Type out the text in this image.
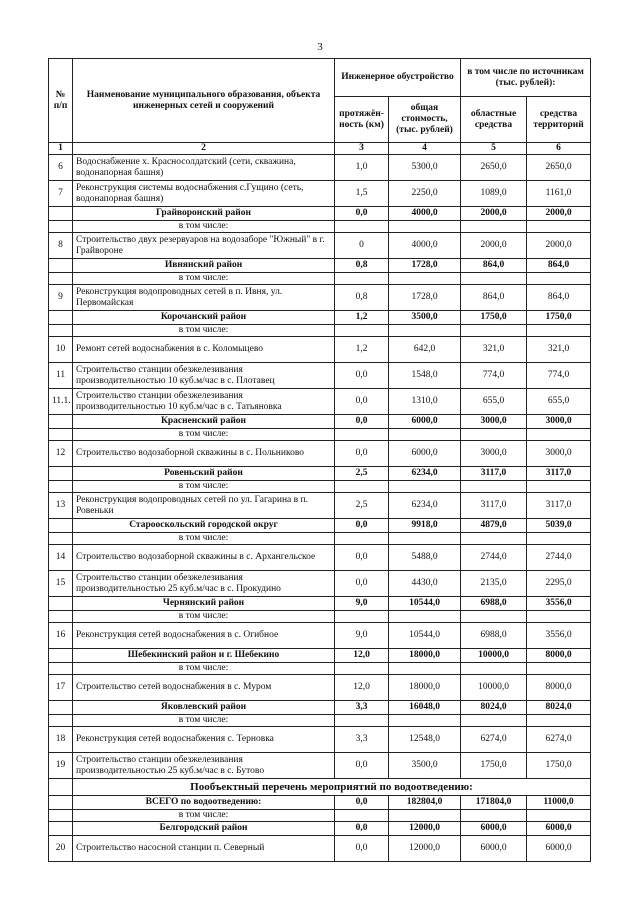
3
№ п/п	Наименование муниципального образования, объекта инженерных сетей и сооружений	Инженерное обустройство		в том числе по источникам (тыс. рублей):	
		протяжён-ность (км)	общая стоимость, (тыс. рублей)	областные средства	средства территорий
1	2	3	4	5	6
6	Водоснабжение х. Красносолдатский (сети, скважина, водонапорная башня)	1,0	5300,0	2650,0	2650,0
7	Реконструкция системы водоснабжения с.Гущино (сеть, водонапорная башня)	1,5	2250,0	1089,0	1161,0
	Грайворонский район	0,0	4000,0	2000,0	2000,0
	в том числе:				
8	Строительство двух резервуаров на водозаборе "Южный" в г. Грайвороне	0	4000,0	2000,0	2000,0
	Ивнянский район	0,8	1728,0	864,0	864,0
	в том числе:				
9	Реконструкция водопроводных сетей в п. Ивня, ул. Первомайская	0,8	1728,0	864,0	864,0
	Корочанский район	1,2	3500,0	1750,0	1750,0
	в том числе:				
10	Ремонт сетей водоснабжения в с. Коломыцево	1,2	642,0	321,0	321,0
11	Строительство станции обезжелезивания производительностью 10 куб.м/час в с. Плотавец	0,0	1548,0	774,0	774,0
11.1.	Строительство станции обезжелезивания производительностью 10 куб.м/час в с. Татьяновка	0,0	1310,0	655,0	655,0
	Красненский район	0,0	6000,0	3000,0	3000,0
	в том числе:				
12	Строительство водозаборной скважины в с. Польниково	0,0	6000,0	3000,0	3000,0
	Ровеньский район	2,5	6234,0	3117,0	3117,0
	в том числе:				
13	Реконструкция водопроводных сетей по ул. Гагарина в п. Ровеньки	2,5	6234,0	3117,0	3117,0
	Старооскольский городской округ	0,0	9918,0	4879,0	5039,0
	в том числе:				
14	Строительство водозаборной скважины в с. Архангельское	0,0	5488,0	2744,0	2744,0
15	Строительство станции обезжелезивания производительностью 25 куб.м/час в с. Прокудино	0,0	4430,0	2135,0	2295,0
	Чернянский район	9,0	10544,0	6988,0	3556,0
	в том числе:				
16	Реконструкция сетей водоснабжения в с. Огибное	9,0	10544,0	6988,0	3556,0
	Шебекинский район и г. Шебекино	12,0	18000,0	10000,0	8000,0
	в том числе:				
17	Строительство сетей водоснабжения в с. Муром	12,0	18000,0	10000,0	8000,0
	Яковлевский район	3,3	16048,0	8024,0	8024,0
	в том числе:				
18	Реконструкция сетей водоснабжения с. Терновка	3,3	12548,0	6274,0	6274,0
19	Строительство станции обезжелезивания производительностью 25 куб.м/час в с. Бутово	0,0	3500,0	1750,0	1750,0
	Пообъектный перечень мероприятий по водоотведению:				
	ВСЕГО по водоотведению:	0,0	182804,0	171804,0	11000,0
	в том числе:				
	Белгородский район	0,0	12000,0	6000,0	6000,0
20	Строительство насосной станции п. Северный	0,0	12000,0	6000,0	6000,0
